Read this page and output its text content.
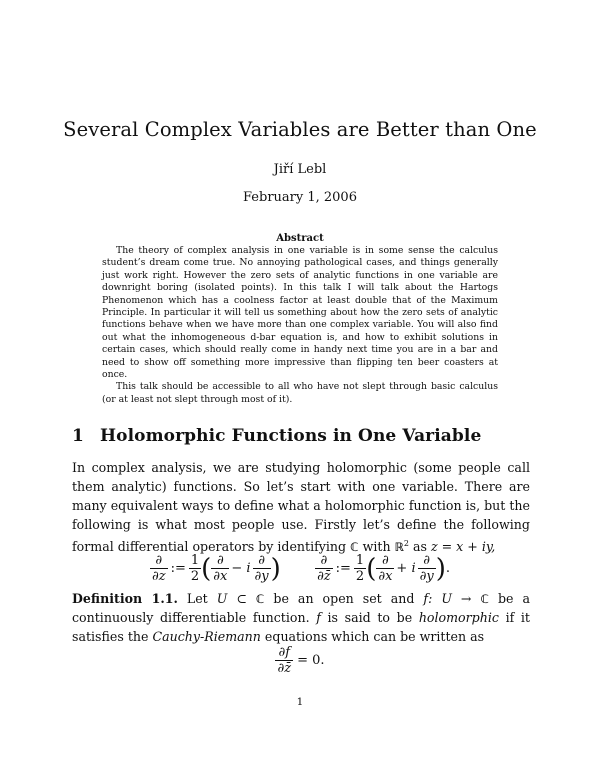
Several Complex Variables are Better than One
Jiří Lebl
February 1, 2006
Abstract

The theory of complex analysis in one variable is in some sense the calculus student’s dream come true. No annoying pathological cases, and things generally just work right. However the zero sets of analytic functions in one variable are downright boring (isolated points). In this talk I will talk about the Hartogs Phenomenon which has a coolness factor at least double that of the Maximum Principle. In particular it will tell us something about how the zero sets of analytic functions behave when we have more than one complex variable. You will also find out what the inhomogeneous d-bar equation is, and how to exhibit solutions in certain cases, which should really come in handy next time you are in a bar and need to show off something more impressive than flipping ten beer coasters at once.

This talk should be accessible to all who have not slept through basic calculus (or at least not slept through most of it).

1 Holomorphic Functions in One Variable

In complex analysis, we are studying holomorphic (some people call them analytic) functions. So let’s start with one variable. There are many equivalent ways to define what a holomorphic function is, but the following is what most people use. Firstly let’s define the following formal differential operators by identifying ℂ with ℝ$^2$ as z = x + iy,

$\frac{\partial}{\partial z}$ := $\frac{1}{2}$ ( $\frac{\partial}{\partial x} - i \frac{\partial}{\partial y}$ )
	$\frac{\partial}{\partial z̄}$ := $\frac{1}{2}$ ( $\frac{\partial}{\partial x} + i \frac{\partial}{\partial y}$ ) .

Definition 1.1. Let U ⊂ ℂ be an open set and f: U → ℂ be a continuously differentiable function. f is said to be holomorphic if it satisfies the Cauchy-Riemann equations which can be written as

$\frac{\partial f}{\partial z̄} = 0$.
1
